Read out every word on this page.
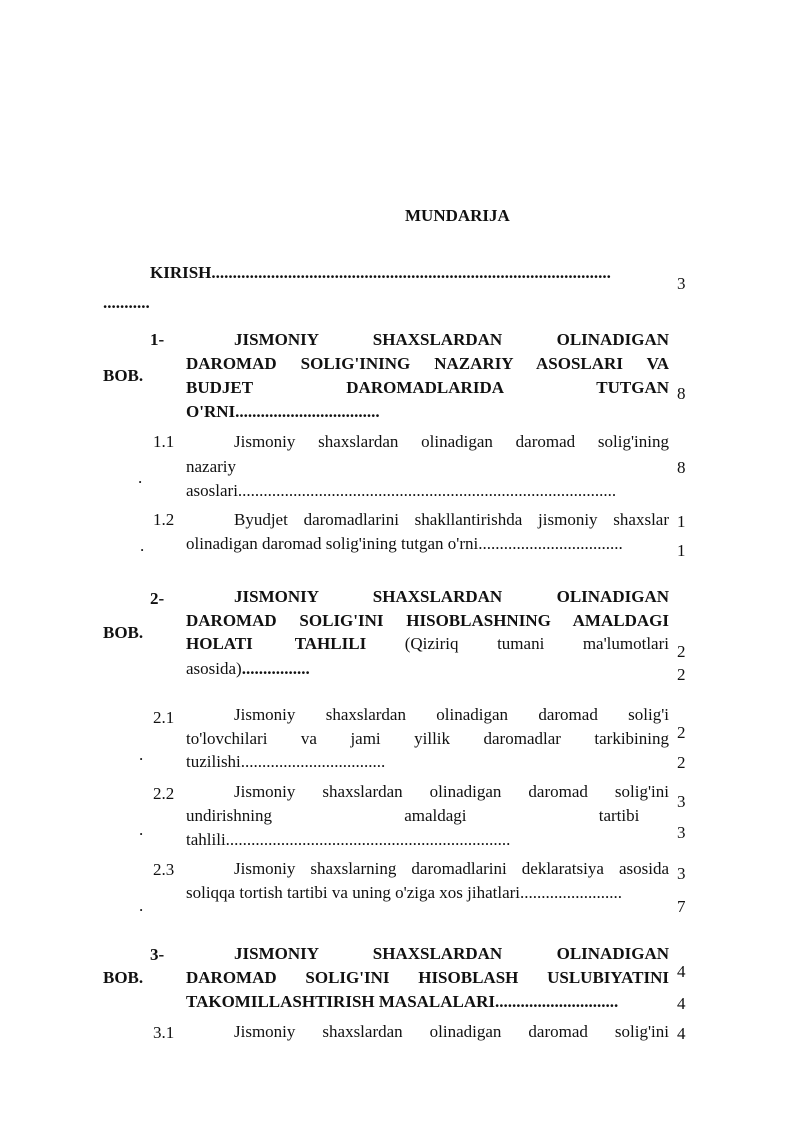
MUNDARIJA
KIRISH..............................................................................................
...........
3
1-
BOB.
JISMONIY SHAXSLARDAN OLINADIGAN
DAROMAD SOLIG'INING NAZARIY ASOSLARI VA
BUDJET DAROMADLARIDA TUTGAN
O'RNI..................................
8
1.1
.
Jismoniy shaxslardan olinadigan daromad solig'ining
nazariy
asoslari.........................................................................................
8
1.2
.
Byudjet daromadlarini shakllantirishda jismoniy shaxslar
olinadigan daromad solig'ining tutgan o'rni..................................
1
1
2-
BOB.
JISMONIY SHAXSLARDAN OLINADIGAN
DAROMAD SOLIG'INI HISOBLASHNING AMALDAGI
HOLATI TAHLILI (Qiziriq tumani ma'lumotlari
asosida)................
2
2
2.1
.
Jismoniy shaxslardan olinadigan daromad solig'i
to'lovchilari va jami yillik daromadlar tarkibining
tuzilishi..................................
2
2
2.2
.
Jismoniy shaxslardan olinadigan daromad solig'ini
undirishning amaldagi tartibi
tahlili...................................................................
3
3
2.3
.
Jismoniy shaxslarning daromadlarini deklaratsiya asosida
soliqqa tortish tartibi va uning o'ziga xos jihatlari........................
3
7
3-
BOB.
JISMONIY SHAXSLARDAN OLINADIGAN
DAROMAD SOLIG'INI HISOBLASH USLUBIYATINI
TAKOMILLASHTIRISH MASALALARI.............................
4
4
3.1	Jismoniy shaxslardan olinadigan daromad solig'ini 4
